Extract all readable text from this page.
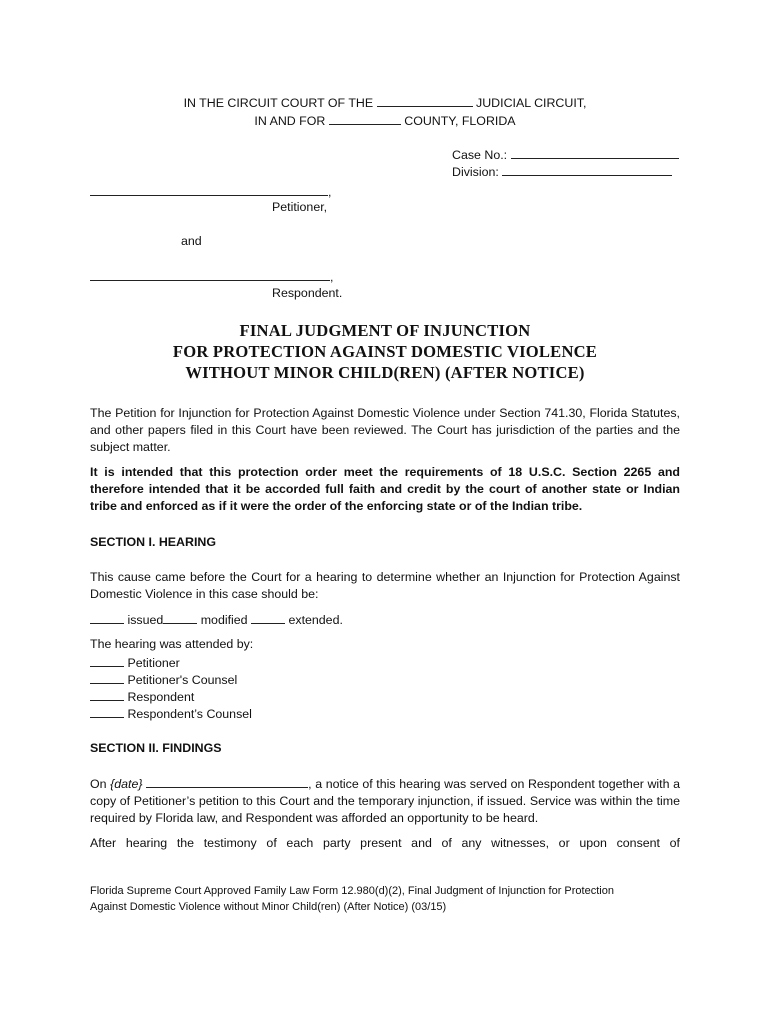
IN THE CIRCUIT COURT OF THE	JUDICIAL CIRCUIT,
IN AND FOR	COUNTY, FLORIDA
Case No.:
Division:
,
Petitioner,
and
,
Respondent.
FINAL JUDGMENT OF INJUNCTION
FOR PROTECTION AGAINST DOMESTIC VIOLENCE
WITHOUT MINOR CHILD(REN) (AFTER NOTICE)
The Petition for Injunction for Protection Against Domestic Violence under Section 741.30, Florida Statutes, and other papers filed in this Court have been reviewed. The Court has jurisdiction of the parties and the subject matter.
It is intended that this protection order meet the requirements of 18 U.S.C. Section 2265 and therefore intended that it be accorded full faith and credit by the court of another state or Indian tribe and enforced as if it were the order of the enforcing state or of the Indian tribe.
SECTION I. HEARING
This cause came before the Court for a hearing to determine whether an Injunction for Protection Against Domestic Violence in this case should be:
issued	modified	extended.
The hearing was attended by:
Petitioner
Petitioner's Counsel
Respondent
Respondent’s Counsel
SECTION II. FINDINGS
On {date}	, a notice of this hearing was served on Respondent together with a copy of Petitioner’s petition to this Court and the temporary injunction, if issued. Service was within the time required by Florida law, and Respondent was afforded an opportunity to be heard.
After hearing the testimony of each party present and of any witnesses, or upon consent of
Florida Supreme Court Approved Family Law Form 12.980(d)(2), Final Judgment of Injunction for Protection
Against Domestic Violence without Minor Child(ren) (After Notice) (03/15)
